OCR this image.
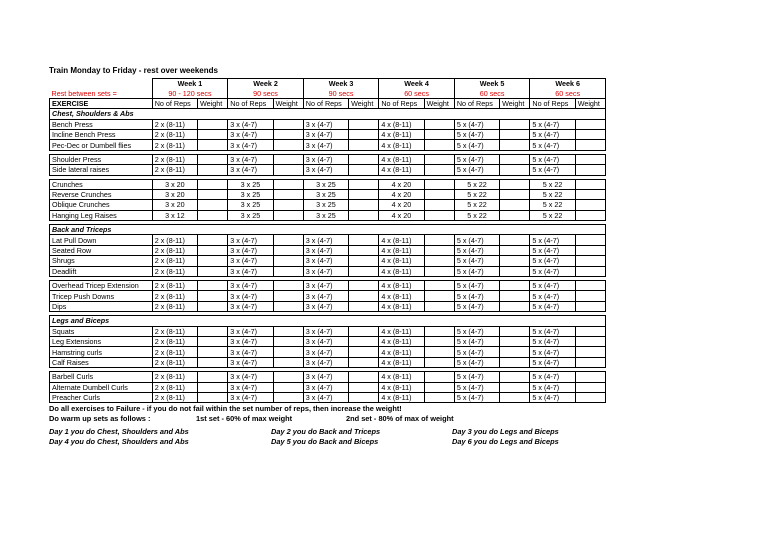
Train Monday to Friday - rest over weekends
	Week 1		Week 2		Week 3		Week 4		Week 5		Week 6	
Rest between sets =	90 - 120 secs		90 secs		90 secs		60 secs		60 secs		60 secs	
EXERCISE	No of Reps	Weight	No of Reps	Weight	No of Reps	Weight	No of Reps	Weight	No of Reps	Weight	No of Reps	Weight
Chest, Shoulders & Abs												
Bench Press	2 x (8-11)		3 x (4-7)		3 x (4-7)		4 x (8-11)		5 x (4-7)		5 x (4-7)	
Incline Bench Press	2 x (8-11)		3 x (4-7)		3 x (4-7)		4 x (8-11)		5 x (4-7)		5 x (4-7)	
Pec-Dec or Dumbell flies	2 x (8-11)		3 x (4-7)		3 x (4-7)		4 x (8-11)		5 x (4-7)		5 x (4-7)	

Shoulder Press	2 x (8-11)		3 x (4-7)		3 x (4-7)		4 x (8-11)		5 x (4-7)		5 x (4-7)	
Side lateral raises	2 x (8-11)		3 x (4-7)		3 x (4-7)		4 x (8-11)		5 x (4-7)		5 x (4-7)	

Crunches	3 x 20		3 x 25		3 x 25		4 x 20		5 x 22		5 x 22	
Reverse Crunches	3 x 20		3 x 25		3 x 25		4 x 20		5 x 22		5 x 22	
Oblique Crunches	3 x 20		3 x 25		3 x 25		4 x 20		5 x 22		5 x 22	
Hanging Leg Raises	3 x 12		3 x 25		3 x 25		4 x 20		5 x 22		5 x 22	

Back and Triceps												
Lat Pull Down	2 x (8-11)		3 x (4-7)		3 x (4-7)		4 x (8-11)		5 x (4-7)		5 x (4-7)	
Seated Row	2 x (8-11)		3 x (4-7)		3 x (4-7)		4 x (8-11)		5 x (4-7)		5 x (4-7)	
Shrugs	2 x (8-11)		3 x (4-7)		3 x (4-7)		4 x (8-11)		5 x (4-7)		5 x (4-7)	
Deadlift	2 x (8-11)		3 x (4-7)		3 x (4-7)		4 x (8-11)		5 x (4-7)		5 x (4-7)	

Overhead Tricep Extension	2 x (8-11)		3 x (4-7)		3 x (4-7)		4 x (8-11)		5 x (4-7)		5 x (4-7)	
Tricep Push Downs	2 x (8-11)		3 x (4-7)		3 x (4-7)		4 x (8-11)		5 x (4-7)		5 x (4-7)	
Dips	2 x (8-11)		3 x (4-7)		3 x (4-7)		4 x (8-11)		5 x (4-7)		5 x (4-7)	

Legs and Biceps												
Squats	2 x (8-11)		3 x (4-7)		3 x (4-7)		4 x (8-11)		5 x (4-7)		5 x (4-7)	
Leg Extensions	2 x (8-11)		3 x (4-7)		3 x (4-7)		4 x (8-11)		5 x (4-7)		5 x (4-7)	
Hamstring curls	2 x (8-11)		3 x (4-7)		3 x (4-7)		4 x (8-11)		5 x (4-7)		5 x (4-7)	
Calf Raises	2 x (8-11)		3 x (4-7)		3 x (4-7)		4 x (8-11)		5 x (4-7)		5 x (4-7)	

Barbell Curls	2 x (8-11)		3 x (4-7)		3 x (4-7)		4 x (8-11)		5 x (4-7)		5 x (4-7)	
Alternate Dumbell Curls	2 x (8-11)		3 x (4-7)		3 x (4-7)		4 x (8-11)		5 x (4-7)		5 x (4-7)	
Preacher Curls	2 x (8-11)		3 x (4-7)		3 x (4-7)		4 x (8-11)		5 x (4-7)		5 x (4-7)	
Do all exercises to Failure - if you do not fail within the set number of reps, then increase the weight!
Do warm up sets as follows :	1st set - 60% of max weight	2nd set - 80% of max of weight
Day 1 you do Chest, Shoulders and Abs	Day 2 you do Back and Triceps	Day 3 you do Legs and Biceps
Day 4 you do Chest, Shoulders and Abs	Day 5 you do Back and Biceps	Day 6 you do Legs and Biceps
